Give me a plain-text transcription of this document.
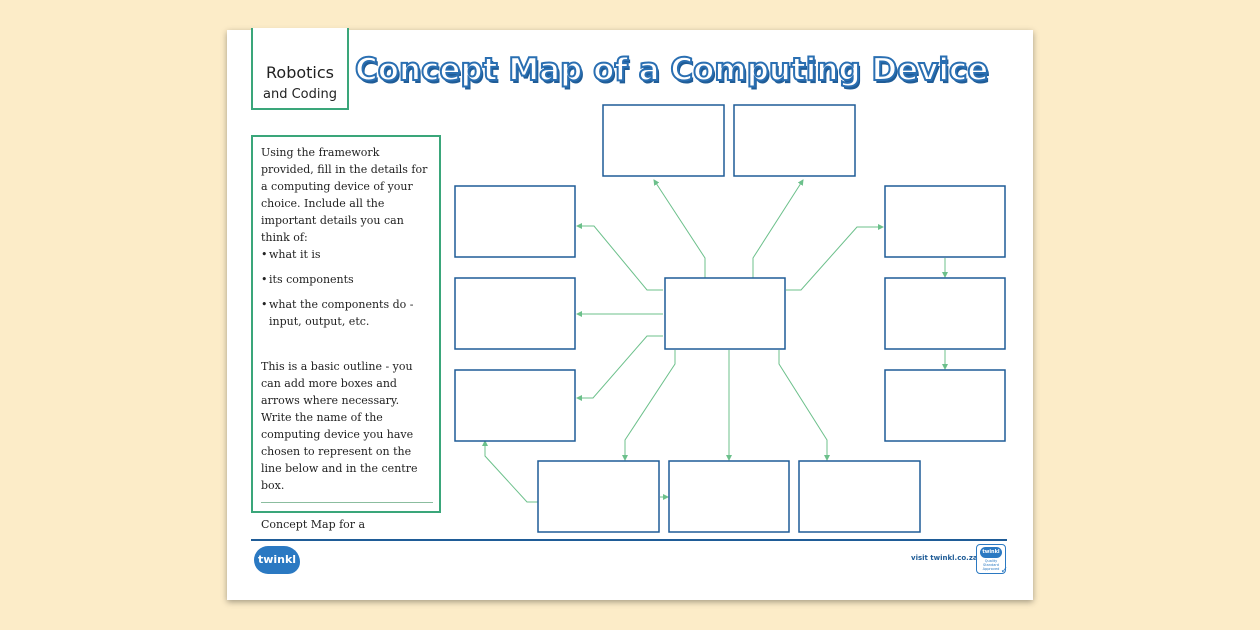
Robotics
and Coding
Concept Map of a Computing Device

Using the framework provided, fill in the details for a computing device of your choice. Include all the important details you can think of:

• what it is
• its components
• what the components do - input, output, etc.

This is a basic outline - you can add more boxes and arrows where necessary. Write the name of the computing device you have chosen to represent on the line below and in the centre box.

Concept Map for a

twinkl	visit twinkl.co.za
twinkl
Quality Standard Approved ✓
